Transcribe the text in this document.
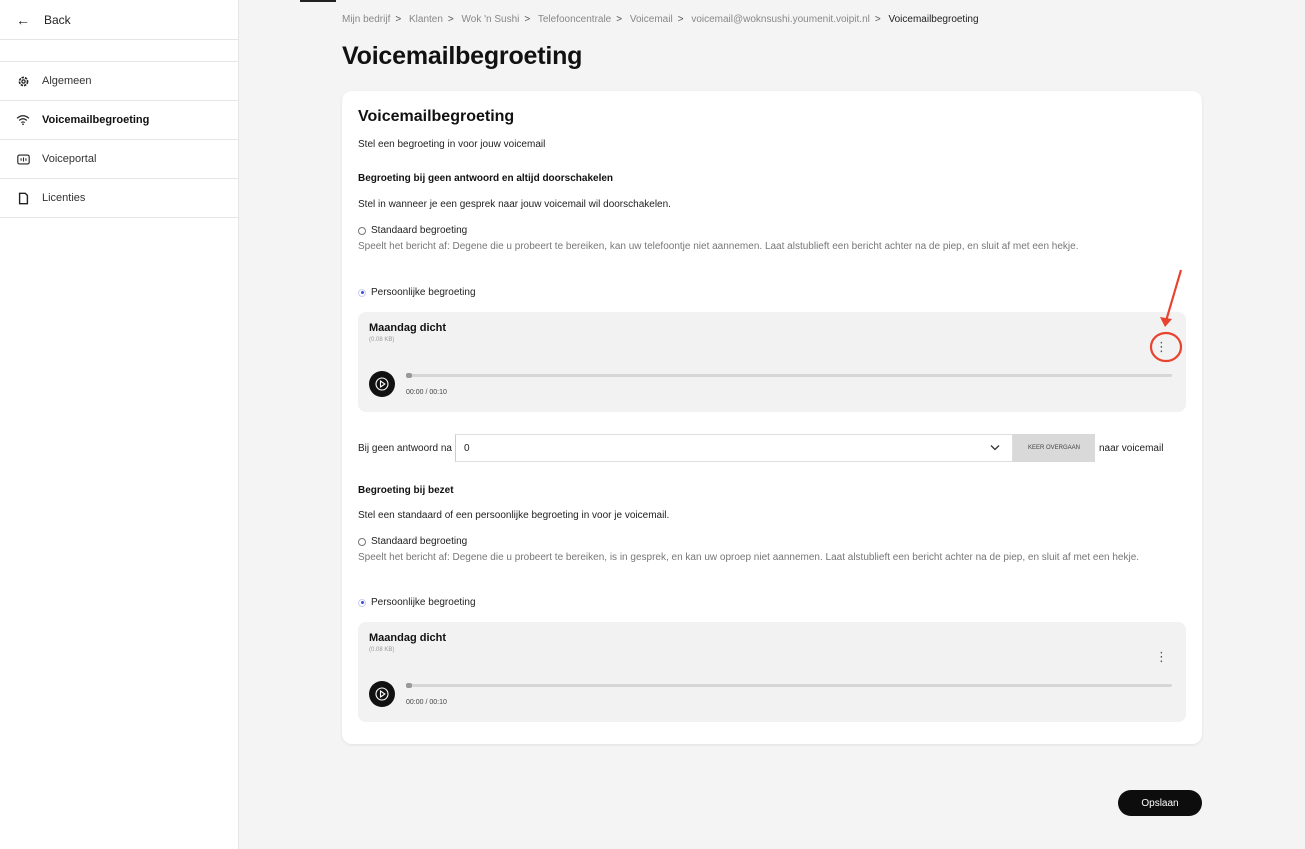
← Back
Algemeen
Voicemailbegroeting
Voiceportal
Licenties
Mijn bedrijf > Klanten > Wok 'n Sushi > Telefooncentrale > Voicemail > voicemail@woknsushi.youmenit.voipit.nl > Voicemailbegroeting
Voicemailbegroeting
Voicemailbegroeting
Stel een begroeting in voor jouw voicemail
Begroeting bij geen antwoord en altijd doorschakelen
Stel in wanneer je een gesprek naar jouw voicemail wil doorschakelen.
Standaard begroeting
Speelt het bericht af: Degene die u probeert te bereiken, kan uw telefoontje niet aannemen. Laat alstublieft een bericht achter na de piep, en sluit af met een hekje.
Persoonlijke begroeting
Maandag dicht
(0.08 KB)	⋮
00:00 / 00:10
Bij geen antwoord na 0	KEER OVERGAAN	naar voicemail
Begroeting bij bezet
Stel een standaard of een persoonlijke begroeting in voor je voicemail.
Standaard begroeting
Speelt het bericht af: Degene die u probeert te bereiken, is in gesprek, en kan uw oproep niet aannemen. Laat alstublieft een bericht achter na de piep, en sluit af met een hekje.
Persoonlijke begroeting
Maandag dicht
(0.08 KB)	⋮
00:00 / 00:10
Opslaan
